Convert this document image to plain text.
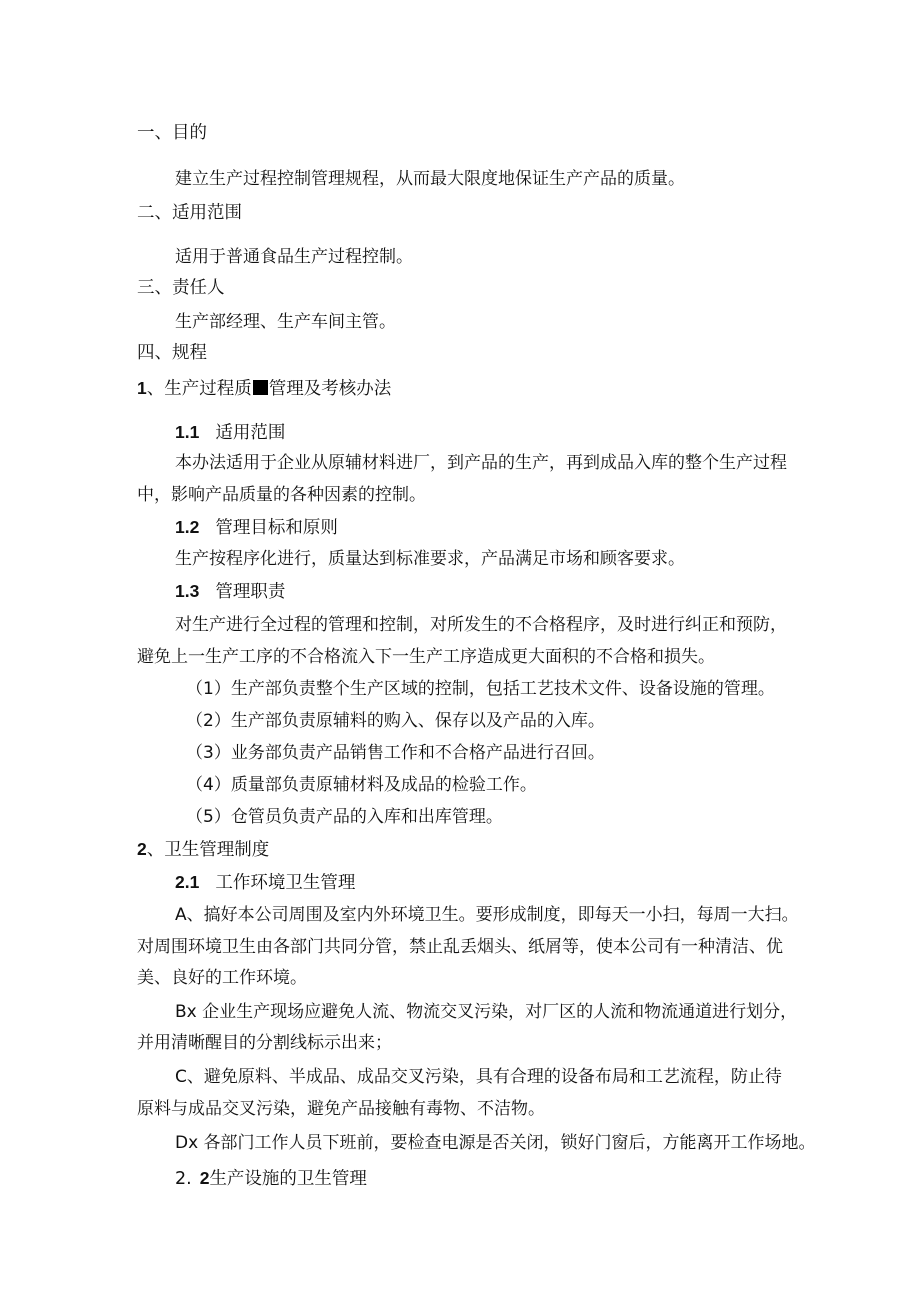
一、目的
建立生产过程控制管理规程，从而最大限度地保证生产产品的质量。
二、适用范围
适用于普通食品生产过程控制。
三、责任人
生产部经理、生产车间主管。
四、规程
1、生产过程质 管理及考核办法
1.1 适用范围
本办法适用于企业从原辅材料进厂，到产品的生产，再到成品入库的整个生产过程
中，影响产品质量的各种因素的控制。
1.2 管理目标和原则
生产按程序化进行，质量达到标准要求，产品满足市场和顾客要求。
1.3 管理职责
对生产进行全过程的管理和控制，对所发生的不合格程序，及时进行纠正和预防，
避免上一生产工序的不合格流入下一生产工序造成更大面积的不合格和损失。
（1）生产部负责整个生产区域的控制，包括工艺技术文件、设备设施的管理。
（2）生产部负责原辅料的购入、保存以及产品的入库。
（3）业务部负责产品销售工作和不合格产品进行召回。
（4）质量部负责原辅材料及成品的检验工作。
（5）仓管员负责产品的入库和出库管理。
2、卫生管理制度
2.1 工作环境卫生管理
A、搞好本公司周围及室内外环境卫生。要形成制度，即每天一小扫，每周一大扫。
对周围环境卫生由各部门共同分管，禁止乱丢烟头、纸屑等，使本公司有一种清洁、优
美、良好的工作环境。
Bx 企业生产现场应避免人流、物流交叉污染，对厂区的人流和物流通道进行划分，
并用清晰醒目的分割线标示出来；
C、避免原料、半成品、成品交叉污染，具有合理的设备布局和工艺流程，防止待
原料与成品交叉污染，避免产品接触有毒物、不洁物。
Dx 各部门工作人员下班前，要检查电源是否关闭，锁好门窗后，方能离开工作场地。
2. 2生产设施的卫生管理
